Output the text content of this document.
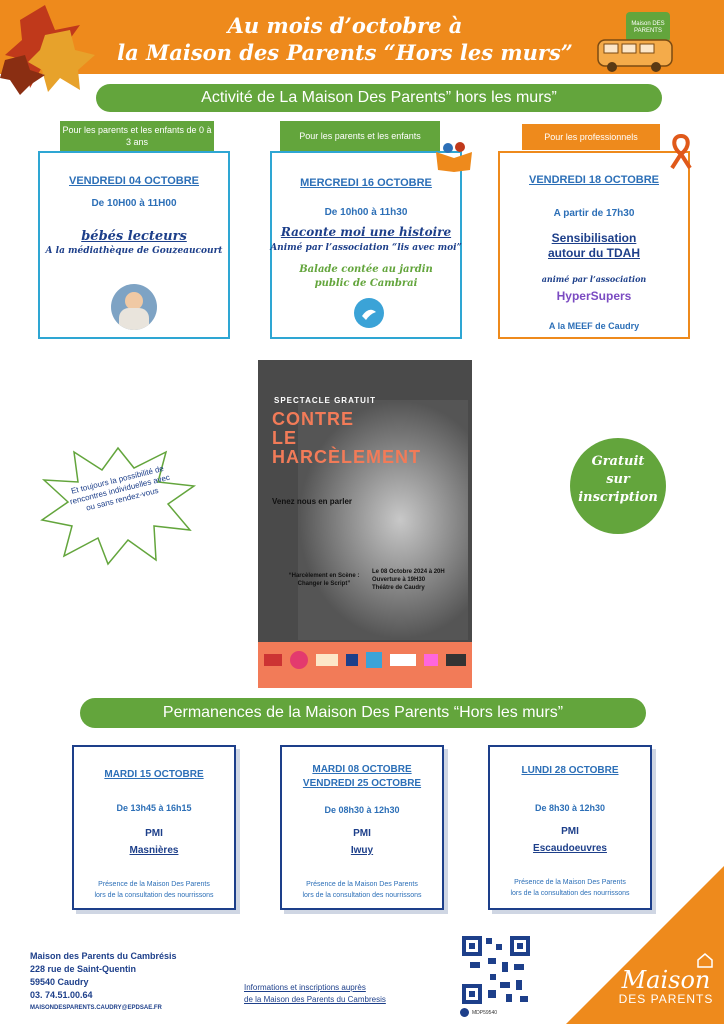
Au mois d’octobre à
la Maison des Parents “Hors les murs”
Maison DES PARENTS
Activité de La Maison Des Parents” hors les murs”
Pour les parents et les enfants de 0 à 3 ans
VENDREDI 04 OCTOBRE
De 10H00 à 11H00
bébés lecteurs
A la médiathèque de Gouzeaucourt
Pour les parents et les enfants
MERCREDI 16 OCTOBRE
De 10h00 à 11h30
Raconte moi une histoire
Animé par l’association “lis avec moi”
Balade contée au jardin public de Cambrai
Pour les professionnels
VENDREDI 18 OCTOBRE
A partir de 17h30
Sensibilisation
autour du TDAH
animé par l’association
HyperSupers
A la MEEF de Caudry
Et toujours la possibilité de rencontres individuelles avec ou sans rendez-vous
SPECTACLE GRATUIT
CONTRE
LE
HARCÈLEMENT
Venez nous en parler
“Harcèlement en Scène : Changer le Script”
Le 08 Octobre 2024 à 20H
Ouverture à 19H30
Théâtre de Caudry
Gratuit
sur
inscription
Permanences de la Maison Des Parents “Hors les murs”
MARDI 15 OCTOBRE
De 13h45 à 16h15
PMI
Masnières
Présence de la Maison Des Parents
lors de la consultation des nourrissons
MARDI 08 OCTOBRE
VENDREDI 25 OCTOBRE
De 08h30 à 12h30
PMI
Iwuy
Présence de la Maison Des Parents
lors de la consultation des nourrissons
LUNDI 28 OCTOBRE
De 8h30 à 12h30
PMI
Escaudoeuvres
Présence de la Maison Des Parents
lors de la consultation des nourrissons
Maison des Parents du Cambrésis
228 rue de Saint-Quentin
59540 Caudry
03. 74.51.00.64
MAISONDESPARENTS.CAUDRY@EPDSAE.FR
Informations et inscriptions auprès
de la Maison des Parents du Cambresis
MDP59540
Maison
DES PARENTS
